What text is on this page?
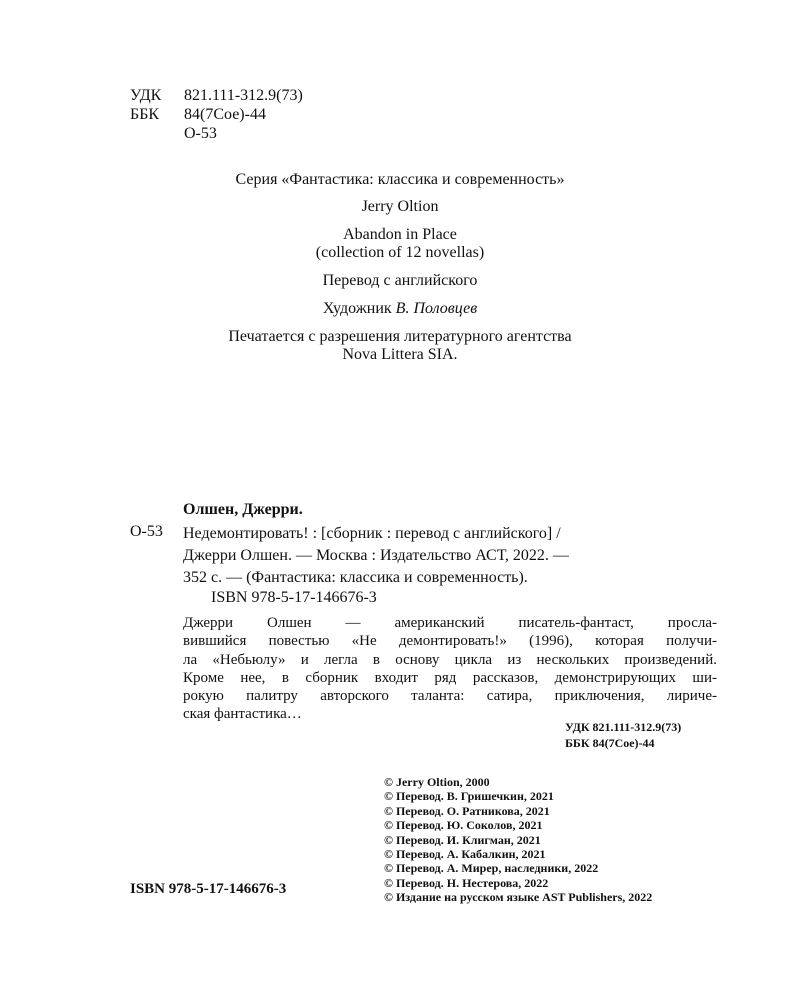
УДК	821.111-312.9(73)
ББК	84(7Сое)-44
О-53
Серия «Фантастика: классика и современность»
Jerry Oltion
Abandon in Place
(collection of 12 novellas)
Перевод с английского
Художник В. Половцев
Печатается с разрешения литературного агентства
Nova Littera SIA.
Олшен, Джерри.
О-53 Недемонтировать! : [сборник : перевод с английского] /
Джерри Олшен. — Москва : Издательство АСТ, 2022. —
352 с. — (Фантастика: классика и современность).
ISBN 978-5-17-146676-3
Джерри Олшен — американский писатель-фантаст, просла-
вившийся повестью «Не демонтировать!» (1996), которая получи-
ла «Небьюлу» и легла в основу цикла из нескольких произведений.
Кроме нее, в сборник входит ряд рассказов, демонстрирующих ши-
рокую палитру авторского таланта: сатира, приключения, лириче-
ская фантастика…
УДК 821.111-312.9(73)
ББК 84(7Сое)-44
© Jerry Oltion, 2000
© Перевод. В. Гришечкин, 2021
© Перевод. О. Ратникова, 2021
© Перевод. Ю. Соколов, 2021
© Перевод. И. Клигман, 2021
© Перевод. А. Кабалкин, 2021
© Перевод. А. Мирер, наследники, 2022
© Перевод. Н. Нестерова, 2022
© Издание на русском языке AST Publishers, 2022
ISBN 978-5-17-146676-3
